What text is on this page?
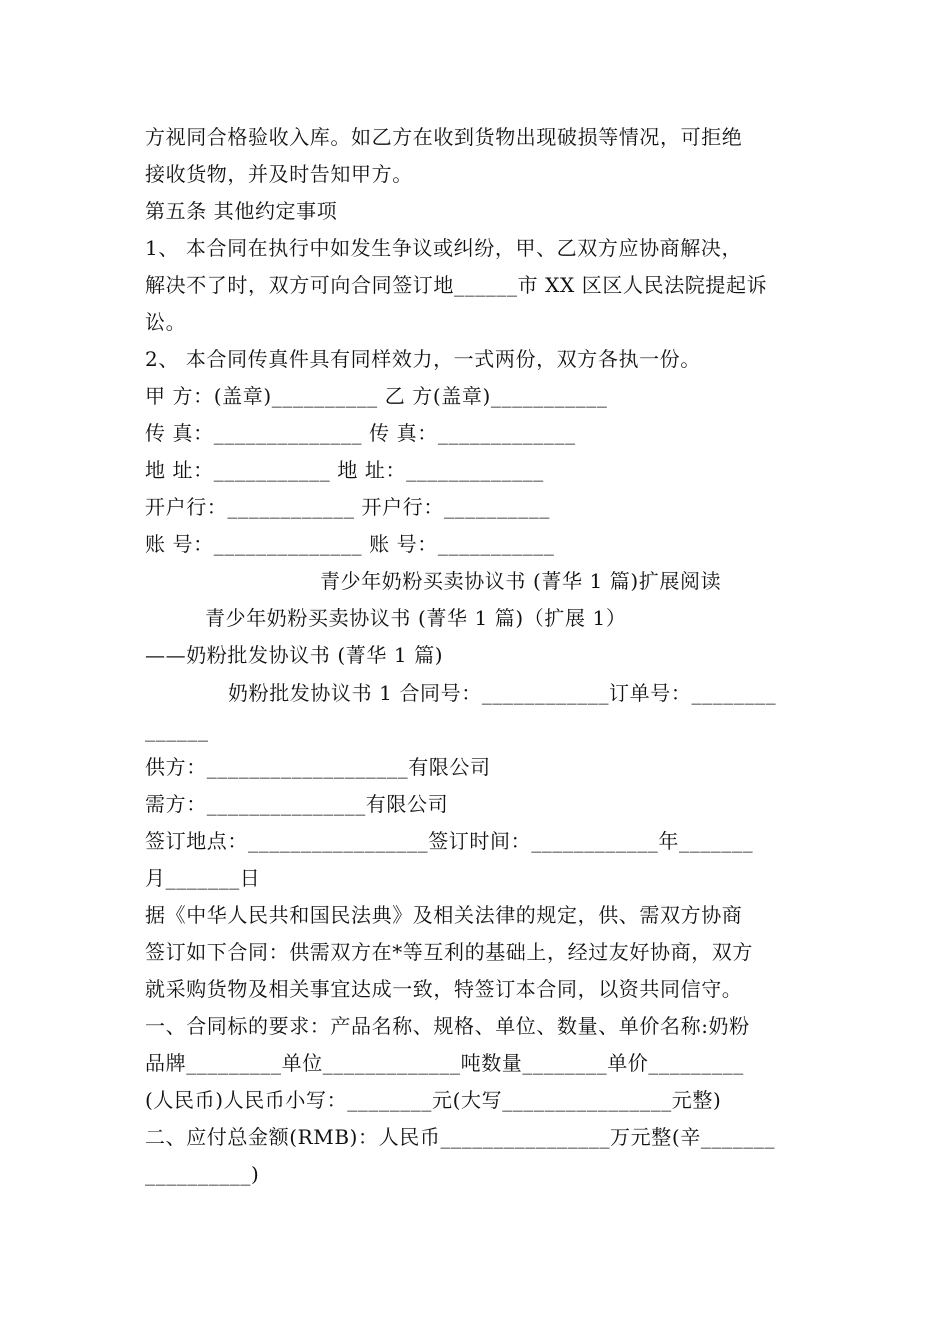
方视同合格验收入库。如乙方在收到货物出现破损等情况，可拒绝
接收货物，并及时告知甲方。
第五条 其他约定事项
1、 本合同在执行中如发生争议或纠纷，甲、乙双方应协商解决，
解决不了时，双方可向合同签订地______市 XX 区区人民法院提起诉
讼。
2、 本合同传真件具有同样效力，一式两份，双方各执一份。
甲 方：(盖章)__________ 乙 方(盖章)___________
传 真：______________ 传 真：_____________
地 址：___________ 地 址：_____________
开户行：____________ 开户行：__________
账 号：______________ 账 号：___________
青少年奶粉买卖协议书 (菁华 1 篇)扩展阅读
青少年奶粉买卖协议书 (菁华 1 篇)（扩展 1）
——奶粉批发协议书 (菁华 1 篇)
奶粉批发协议书 1 合同号：____________订单号：________
______
供方：___________________有限公司
需方：_______________有限公司
签订地点：_________________签订时间：____________年_______
月_______日
据《中华人民共和国民法典》及相关法律的规定，供、需双方协商
签订如下合同：供需双方在*等互利的基础上，经过友好协商，双方
就采购货物及相关事宜达成一致，特签订本合同，以资共同信守。
一、合同标的要求：产品名称、规格、单位、数量、单价名称:奶粉
品牌_________单位_____________吨数量________单价_________
(人民币)人民币小写：________元(大写________________元整)
二、应付总金额(RMB)：人民币________________万元整(辛_______
__________)
